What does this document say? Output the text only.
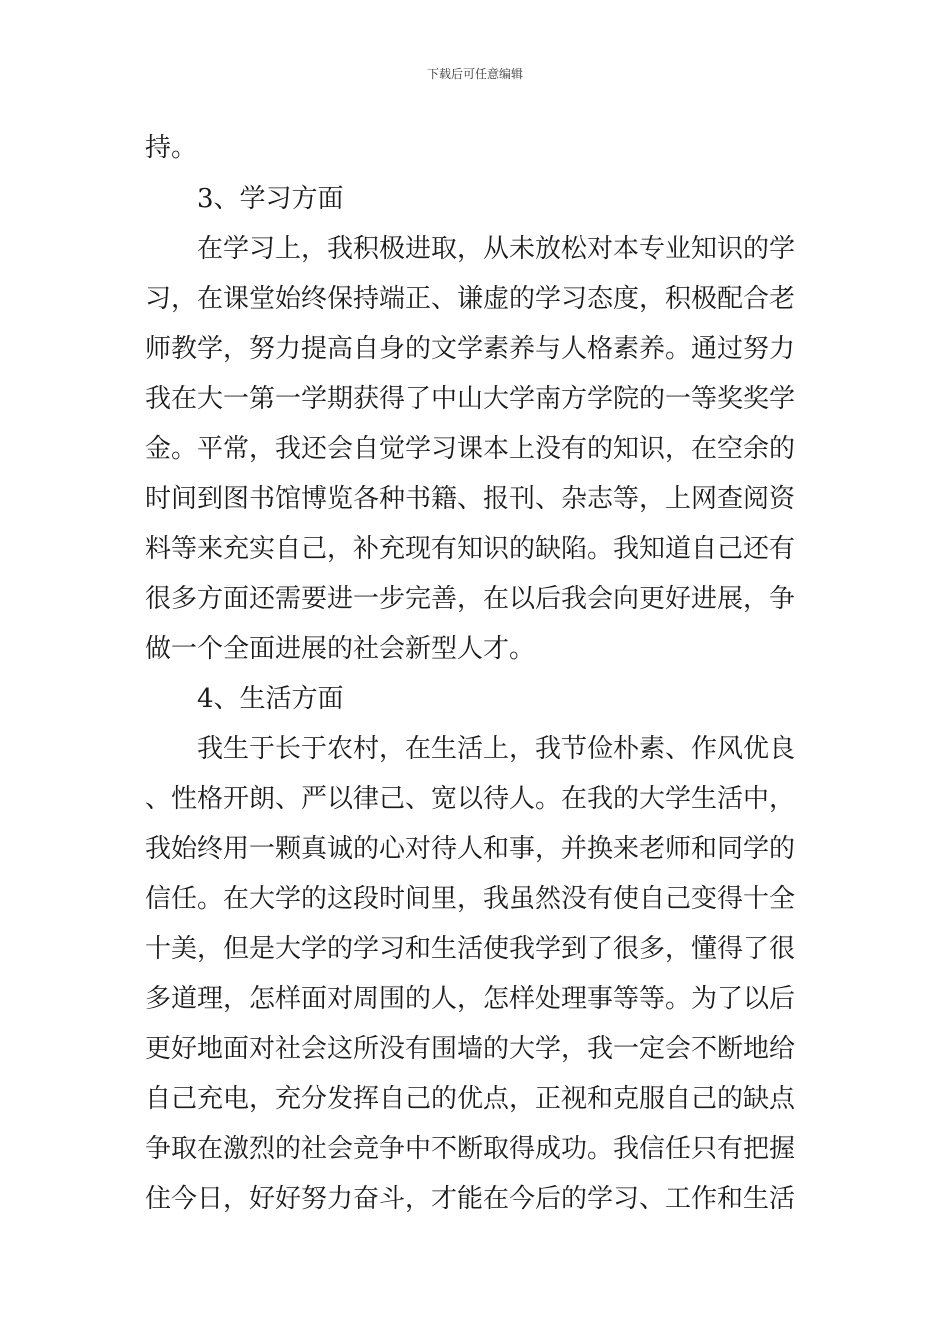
下载后可任意编辑
持。
3、学习方面
在学习上，我积极进取，从未放松对本专业知识的学
习，在课堂始终保持端正、谦虚的学习态度，积极配合老
师教学，努力提高自身的文学素养与人格素养。通过努力
我在大一第一学期获得了中山大学南方学院的一等奖奖学
金。平常，我还会自觉学习课本上没有的知识，在空余的
时间到图书馆博览各种书籍、报刊、杂志等，上网查阅资
料等来充实自己，补充现有知识的缺陷。我知道自己还有
很多方面还需要进一步完善，在以后我会向更好进展，争
做一个全面进展的社会新型人才。
4、生活方面
我生于长于农村，在生活上，我节俭朴素、作风优良
、性格开朗、严以律己、宽以待人。在我的大学生活中，
我始终用一颗真诚的心对待人和事，并换来老师和同学的
信任。在大学的这段时间里，我虽然没有使自己变得十全
十美，但是大学的学习和生活使我学到了很多，懂得了很
多道理，怎样面对周围的人，怎样处理事等等。为了以后
更好地面对社会这所没有围墙的大学，我一定会不断地给
自己充电，充分发挥自己的优点，正视和克服自己的缺点
争取在激烈的社会竞争中不断取得成功。我信任只有把握
住今日，好好努力奋斗，才能在今后的学习、工作和生活
